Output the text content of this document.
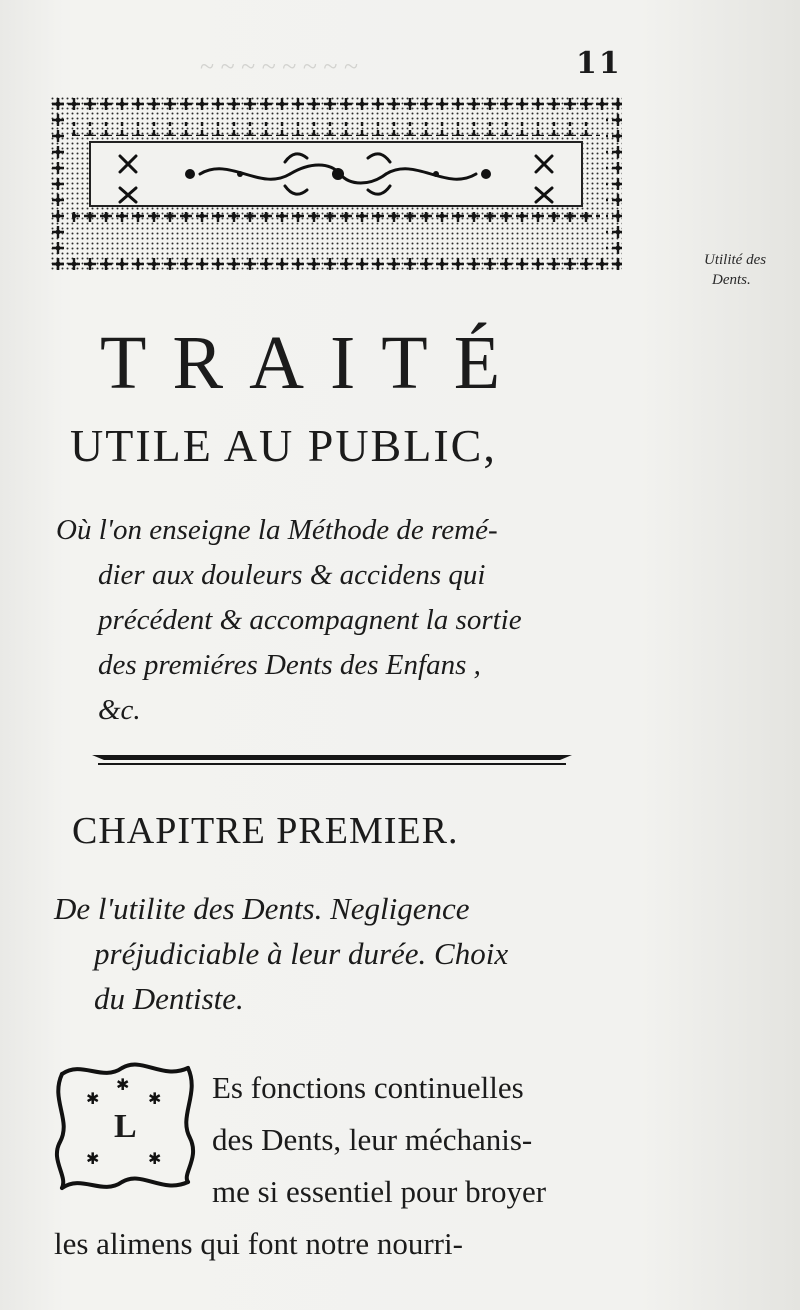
~ ~ ~ ~ ~ ~ ~ ~	11
Utilité des
Dents.
TRAITÉ
UTILE AU PUBLIC,
Où l'on enseigne la Méthode de remé-
dier aux douleurs & accidens qui
précédent & accompagnent la sortie
des premiéres Dents des Enfans ,
&c.
CHAPITRE PREMIER.
De l'utilite des Dents. Negligence
préjudiciable à leur durée. Choix
du Dentiste.
✱	✱
✱	✱
✱
L
Es fonctions continuelles
des Dents, leur méchanis-
me si essentiel pour broyer
les alimens qui font notre nourri-
